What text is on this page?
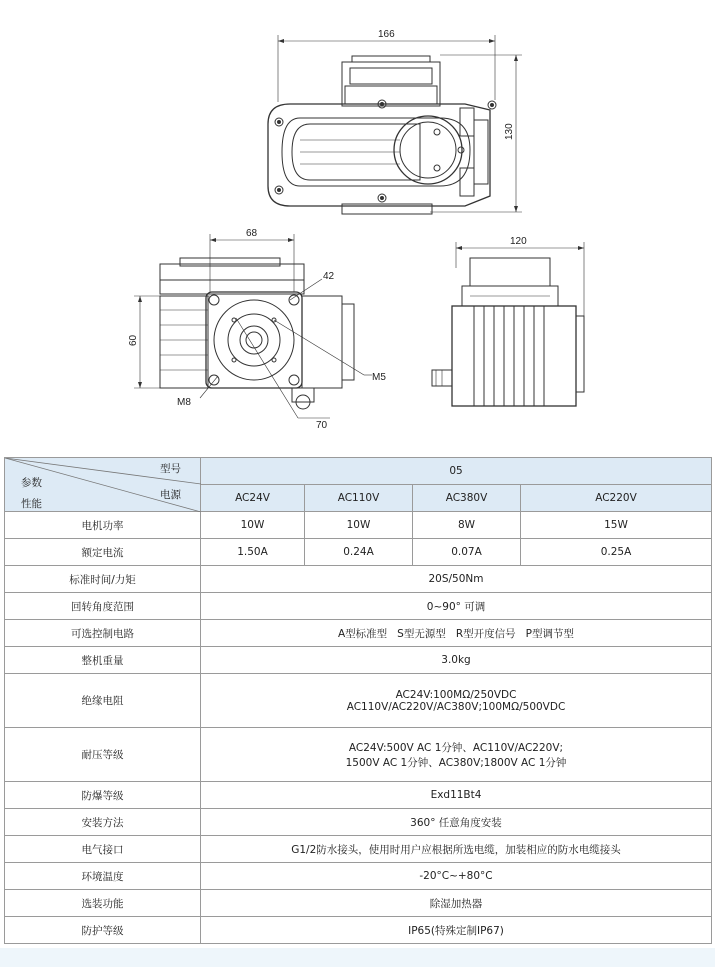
166
130
68
60
42
M5
M8
70
120
型号
参数
电源
性能	05			
	AC24V	AC110V	AC380V	AC220V
电机功率	10W	10W	8W	15W
额定电流	1.50A	0.24A	0.07A	0.25A
标准时间/力矩	20S/50Nm			
回转角度范围	0~90° 可调			
可选控制电路	A型标准型   S型无源型   R型开度信号   P型调节型			
整机重量	3.0kg			
绝缘电阻	AC24V:100MΩ/250VDC
AC110V/AC220V/AC380V;100MΩ/500VDC			

耐压等级	AC24V:500V AC 1分钟、AC110V/AC220V;
1500V AC 1分钟、AC380V;1800V AC 1分钟			

防爆等级	Exd11Bt4			
安装方法	360° 任意角度安装			
电气接口	G1/2防水接头，使用时用户应根据所选电缆，加装相应的防水电缆接头			
环境温度	-20°C~+80°C			
选装功能	除湿加热器			
防护等级	IP65(特殊定制IP67)			
